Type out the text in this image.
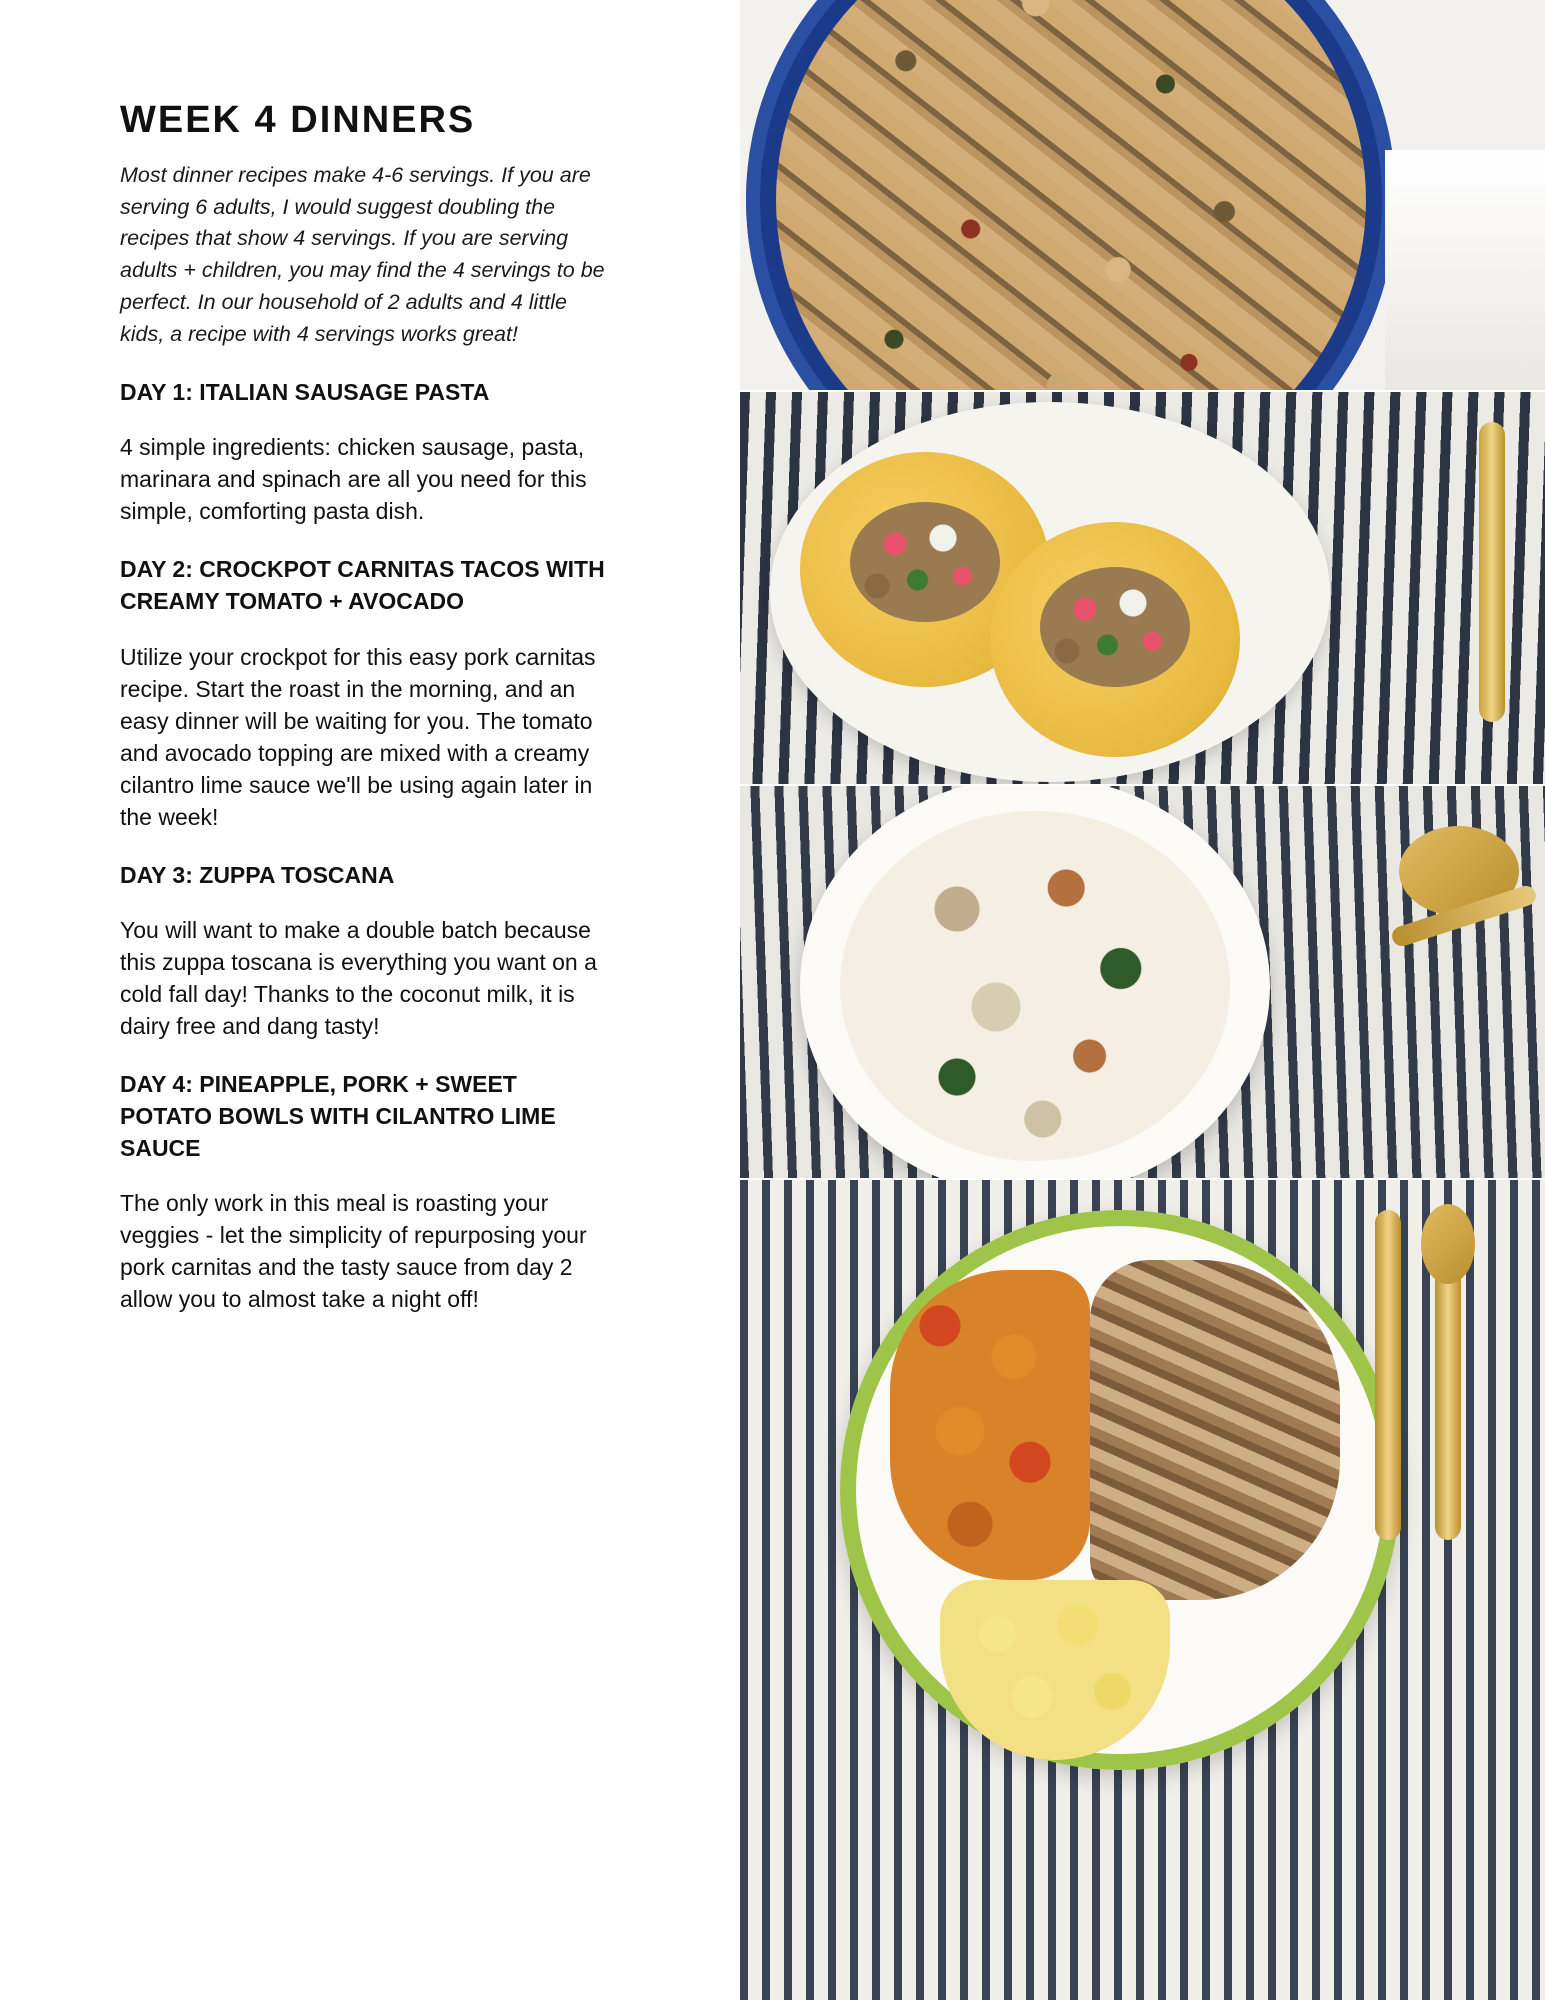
WEEK 4 DINNERS

Most dinner recipes make 4-6 servings. If you are serving 6 adults, I would suggest doubling the recipes that show 4 servings. If you are serving adults + children, you may find the 4 servings to be perfect. In our household of 2 adults and 4 little kids, a recipe with 4 servings works great!

DAY 1: ITALIAN SAUSAGE PASTA

4 simple ingredients: chicken sausage, pasta, marinara and spinach are all you need for this simple, comforting pasta dish.

DAY 2: CROCKPOT CARNITAS TACOS WITH CREAMY TOMATO + AVOCADO

Utilize your crockpot for this easy pork carnitas recipe. Start the roast in the morning, and an easy dinner will be waiting for you. The tomato and avocado topping are mixed with a creamy cilantro lime sauce we'll be using again later in the week!

DAY 3: ZUPPA TOSCANA

You will want to make a double batch because this zuppa toscana is everything you want on a cold fall day! Thanks to the coconut milk, it is dairy free and dang tasty!

DAY 4: PINEAPPLE, PORK + SWEET POTATO BOWLS WITH CILANTRO LIME SAUCE

The only work in this meal is roasting your veggies - let the simplicity of repurposing your pork carnitas and the tasty sauce from day 2 allow you to almost take a night off!
